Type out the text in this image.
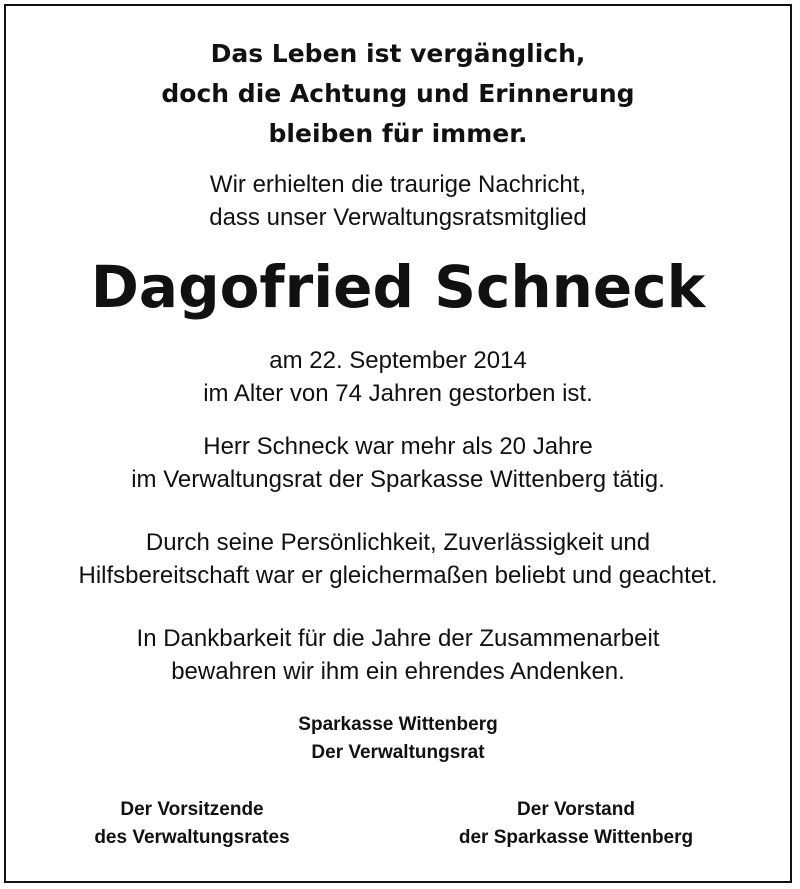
Das Leben ist vergänglich,
doch die Achtung und Erinnerung
bleiben für immer.
Wir erhielten die traurige Nachricht,
dass unser Verwaltungsratsmitglied
Dagofried Schneck
am 22. September 2014
im Alter von 74 Jahren gestorben ist.
Herr Schneck war mehr als 20 Jahre
im Verwaltungsrat der Sparkasse Wittenberg tätig.
Durch seine Persönlichkeit, Zuverlässigkeit und
Hilfsbereitschaft war er gleichermaßen beliebt und geachtet.
In Dankbarkeit für die Jahre der Zusammenarbeit
bewahren wir ihm ein ehrendes Andenken.
Sparkasse Wittenberg
Der Verwaltungsrat
Der Vorsitzende
des Verwaltungsrates
Der Vorstand
der Sparkasse Wittenberg
